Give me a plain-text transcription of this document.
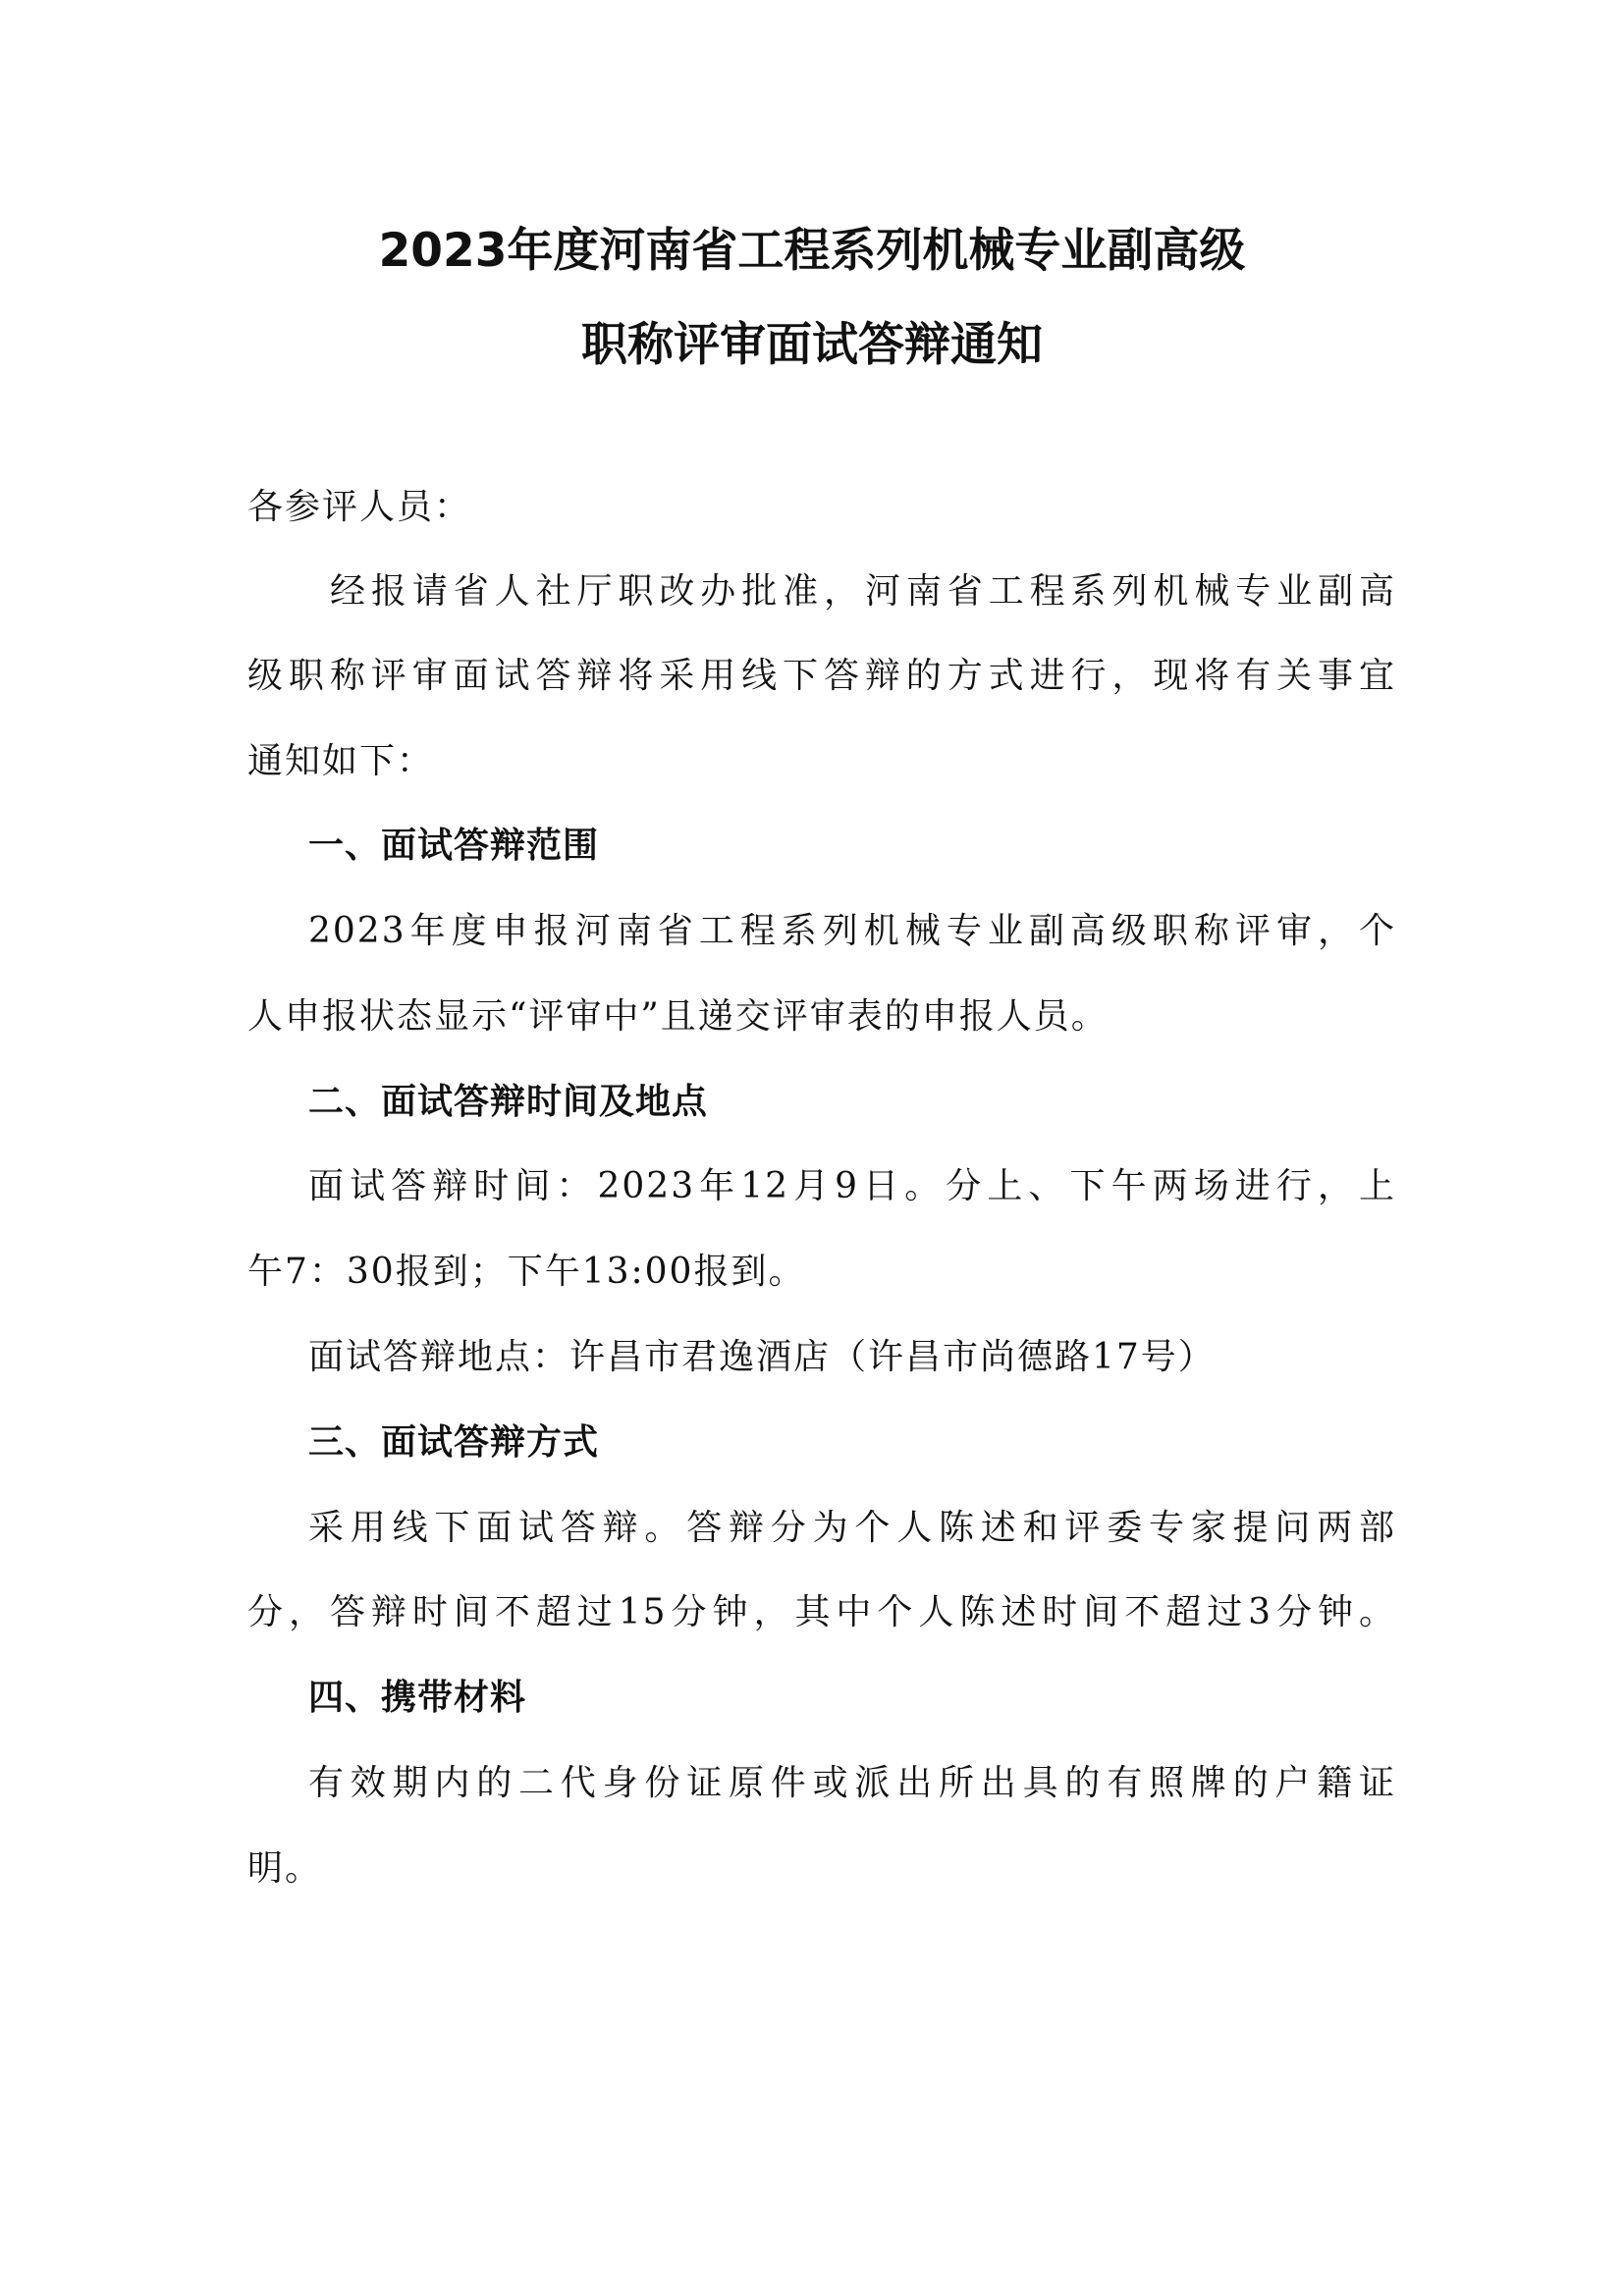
2023年度河南省工程系列机械专业副高级
职称评审面试答辩通知
各参评人员：
经报请省人社厅职改办批准，河南省工程系列机械专业副高
级职称评审面试答辩将采用线下答辩的方式进行，现将有关事宜
通知如下：
一、面试答辩范围
2023年度申报河南省工程系列机械专业副高级职称评审，个
人申报状态显示“评审中”且递交评审表的申报人员。
二、面试答辩时间及地点
面试答辩时间：2023年12月9日。分上、下午两场进行，上
午7：30报到；下午13:00报到。
面试答辩地点：许昌市君逸酒店（许昌市尚德路17号）
三、面试答辩方式
采用线下面试答辩。答辩分为个人陈述和评委专家提问两部
分，答辩时间不超过15分钟，其中个人陈述时间不超过3分钟。
四、携带材料
有效期内的二代身份证原件或派出所出具的有照牌的户籍证
明。
